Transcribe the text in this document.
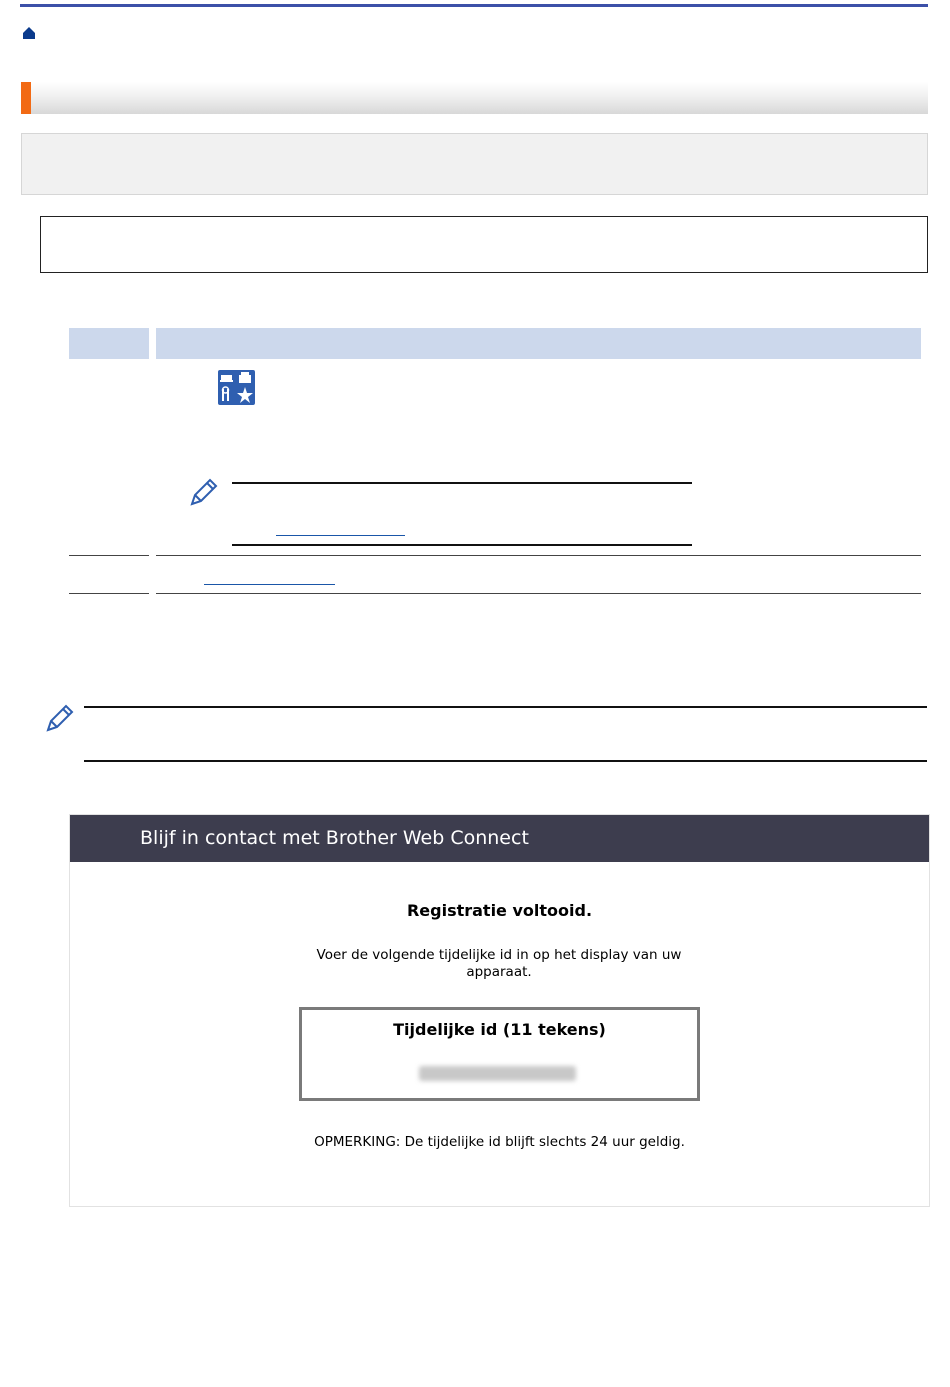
Blijf in contact met Brother Web Connect
Registratie voltooid.
Voer de volgende tijdelijke id in op het display van uw apparaat.
Tijdelijke id (11 tekens)
OPMERKING: De tijdelijke id blijft slechts 24 uur geldig.
